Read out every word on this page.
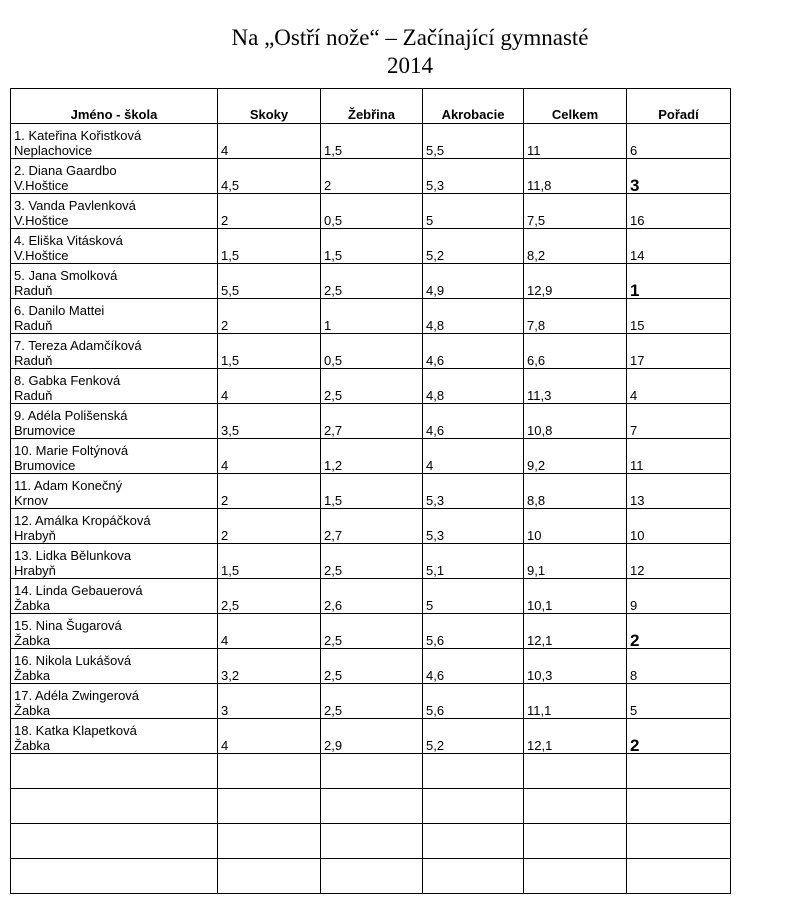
Na „Ostří nože“ – Začínající gymnasté
2014
Jméno - škola	Skoky	Žebřina	Akrobacie	Celkem	Pořadí

1. Kateřina Kořistková
Neplachovice	4	1,5	5,5	11	6

2. Diana Gaardbo
V.Hoštice	4,5	2	5,3	11,8	3

3. Vanda Pavlenková
V.Hoštice	2	0,5	5	7,5	16

4. Eliška Vitásková
V.Hoštice	1,5	1,5	5,2	8,2	14

5. Jana Smolková
Raduň	5,5	2,5	4,9	12,9	1

6. Danilo Mattei
Raduň	2	1	4,8	7,8	15

7. Tereza Adamčíková
Raduň	1,5	0,5	4,6	6,6	17

8. Gabka Fenková
Raduň	4	2,5	4,8	11,3	4

9. Adéla Polišenská
Brumovice	3,5	2,7	4,6	10,8	7

10. Marie Foltýnová
Brumovice	4	1,2	4	9,2	11

11. Adam Konečný
Krnov	2	1,5	5,3	8,8	13

12. Amálka Kropáčková
Hrabyň	2	2,7	5,3	10	10

13. Lidka Bělunkova
Hrabyň	1,5	2,5	5,1	9,1	12

14. Linda Gebauerová
Žabka	2,5	2,6	5	10,1	9

15. Nina Šugarová
Žabka	4	2,5	5,6	12,1	2

16. Nikola Lukášová
Žabka	3,2	2,5	4,6	10,3	8

17. Adéla Zwingerová
Žabka	3	2,5	5,6	11,1	5

18. Katka Klapetková
Žabka	4	2,9	5,2	12,1	2
